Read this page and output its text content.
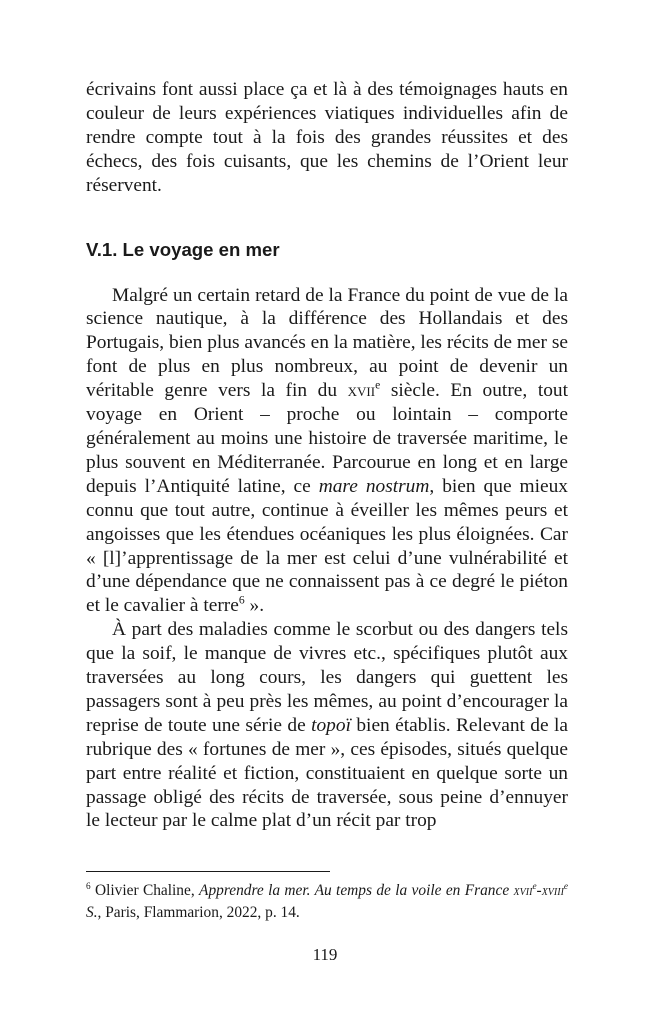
écrivains font aussi place ça et là à des témoignages hauts en couleur de leurs expériences viatiques individuelles afin de rendre compte tout à la fois des grandes réussites et des échecs, des fois cuisants, que les chemins de l’Orient leur réservent.

V.1. Le voyage en mer

Malgré un certain retard de la France du point de vue de la science nautique, à la différence des Hollandais et des Portugais, bien plus avancés en la matière, les récits de mer se font de plus en plus nombreux, au point de devenir un véritable genre vers la fin du xvii$^e$ siècle. En outre, tout voyage en Orient – proche ou lointain – comporte généralement au moins une histoire de traversée maritime, le plus souvent en Méditerranée. Parcourue en long et en large depuis l’Antiquité latine, ce mare nostrum, bien que mieux connu que tout autre, continue à éveiller les mêmes peurs et angoisses que les étendues océaniques les plus éloignées. Car « [l]’apprentissage de la mer est celui d’une vulnérabilité et d’une dépendance que ne connaissent pas à ce degré le piéton et le cavalier à terre$^6$ ».

À part des maladies comme le scorbut ou des dangers tels que la soif, le manque de vivres etc., spécifiques plutôt aux traversées au long cours, les dangers qui guettent les passagers sont à peu près les mêmes, au point d’encourager la reprise de toute une série de topoï bien établis. Relevant de la rubrique des « fortunes de mer », ces épisodes, situés quelque part entre réalité et fiction, constituaient en quelque sorte un passage obligé des récits de traversée, sous peine d’ennuyer le lecteur par le calme plat d’un récit par trop

$^6$ Olivier Chaline, Apprendre la mer. Au temps de la voile en France xvii$^e$-xviii$^e$ S., Paris, Flammarion, 2022, p. 14.

119
